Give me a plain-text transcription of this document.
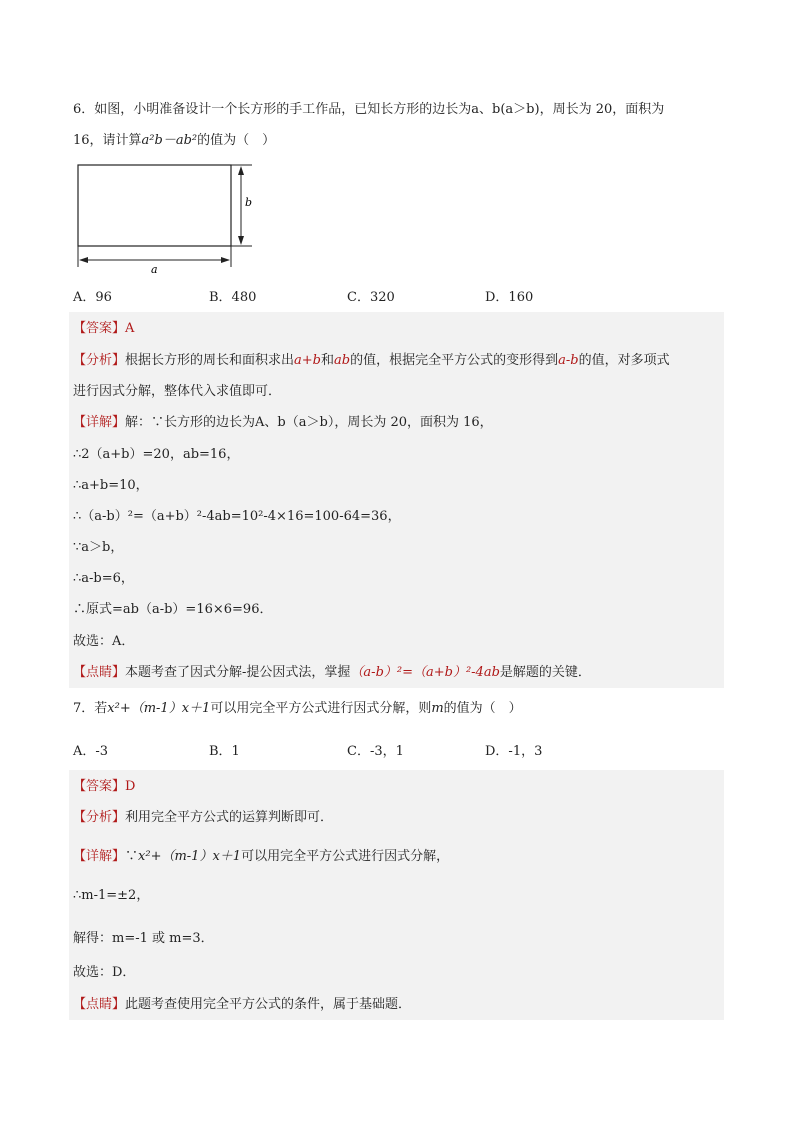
6．如图，小明准备设计一个长方形的手工作品，已知长方形的边长为a、b(a＞b)，周长为 20，面积为
16，请计算a²b－ab²的值为（　）
b
a
A．96	B．480	C．320	D．160
【答案】A
【分析】根据长方形的周长和面积求出a+b和ab的值，根据完全平方公式的变形得到a-b的值，对多项式
进行因式分解，整体代入求值即可．
【详解】解：∵长方形的边长为A、b（a＞b），周长为 20，面积为 16，
∴2（a+b）=20，ab=16，
∴a+b=10，
∴（a-b）²=（a+b）²-4ab=10²-4×16=100-64=36，
∵a＞b，
∴a-b=6，
∴原式=ab（a-b）=16×6=96．
故选：A．
【点睛】本题考查了因式分解-提公因式法，掌握（a-b）²=（a+b）²-4ab是解题的关键．
7．若x²+（m-1）x＋1可以用完全平方公式进行因式分解，则m的值为（　）
A．-3	B．1	C．-3，1	D．-1，3
【答案】D
【分析】利用完全平方公式的运算判断即可．
【详解】∵x²+（m-1）x＋1可以用完全平方公式进行因式分解，
∴m-1=±2，
解得：m=-1 或 m=3．
故选：D．
【点睛】此题考查使用完全平方公式的条件，属于基础题．
